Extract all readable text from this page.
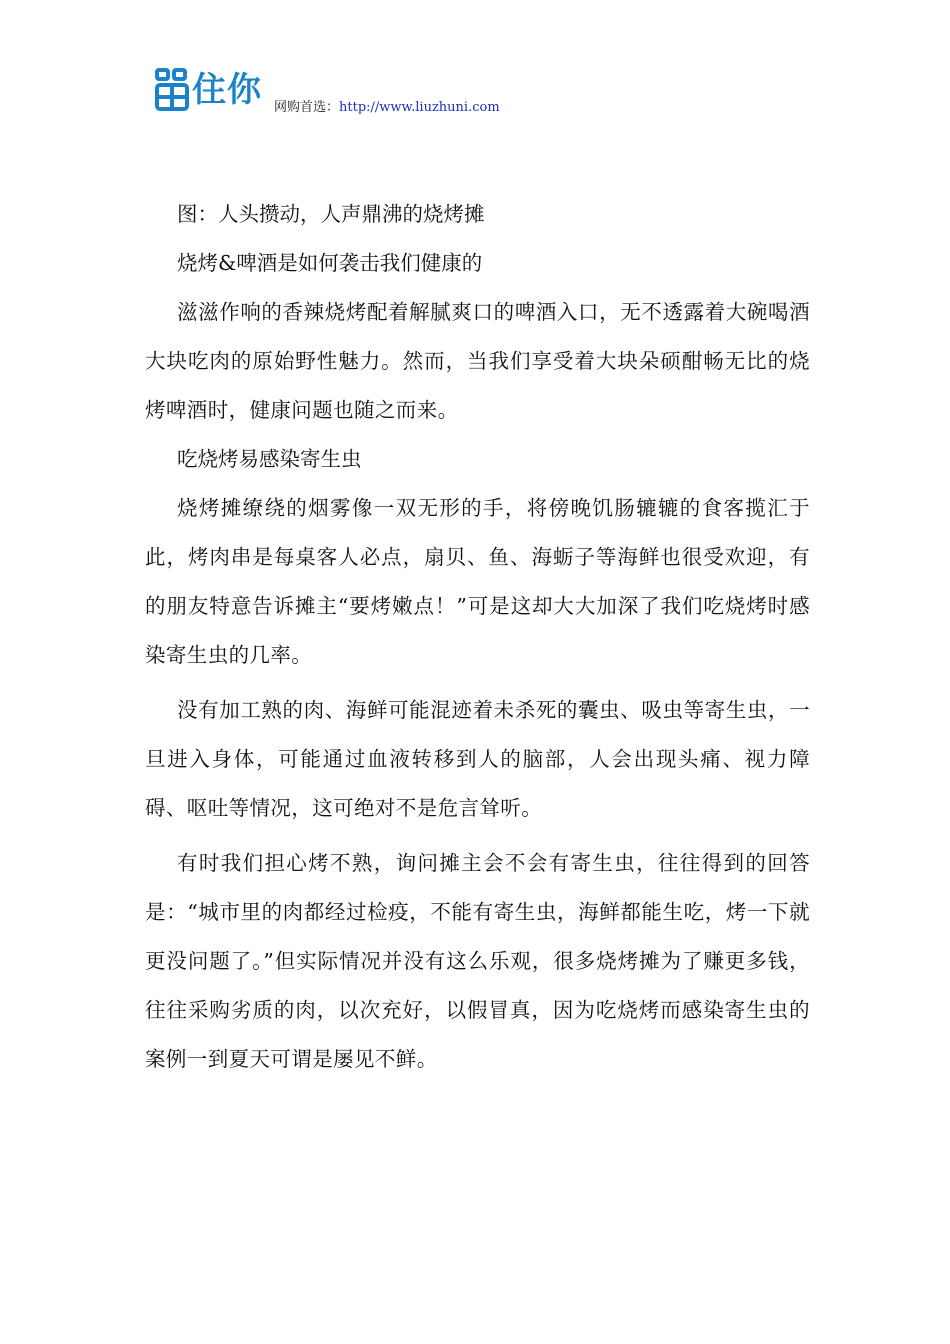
住你 网购首选：http://www.liuzhuni.com
图：人头攒动，人声鼎沸的烧烤摊
烧烤&啤酒是如何袭击我们健康的
滋滋作响的香辣烧烤配着解腻爽口的啤酒入口，无不透露着大碗喝酒大块吃肉的原始野性魅力。然而，当我们享受着大块朵硕酣畅无比的烧烤啤酒时，健康问题也随之而来。
吃烧烤易感染寄生虫
烧烤摊缭绕的烟雾像一双无形的手，将傍晚饥肠辘辘的食客揽汇于此，烤肉串是每桌客人必点，扇贝、鱼、海蛎子等海鲜也很受欢迎，有的朋友特意告诉摊主“要烤嫩点！”可是这却大大加深了我们吃烧烤时感染寄生虫的几率。
没有加工熟的肉、海鲜可能混迹着未杀死的囊虫、吸虫等寄生虫，一旦进入身体，可能通过血液转移到人的脑部，人会出现头痛、视力障碍、呕吐等情况，这可绝对不是危言耸听。
有时我们担心烤不熟，询问摊主会不会有寄生虫，往往得到的回答是：“城市里的肉都经过检疫，不能有寄生虫，海鲜都能生吃，烤一下就更没问题了。”但实际情况并没有这么乐观，很多烧烤摊为了赚更多钱，往往采购劣质的肉，以次充好，以假冒真，因为吃烧烤而感染寄生虫的案例一到夏天可谓是屡见不鲜。
